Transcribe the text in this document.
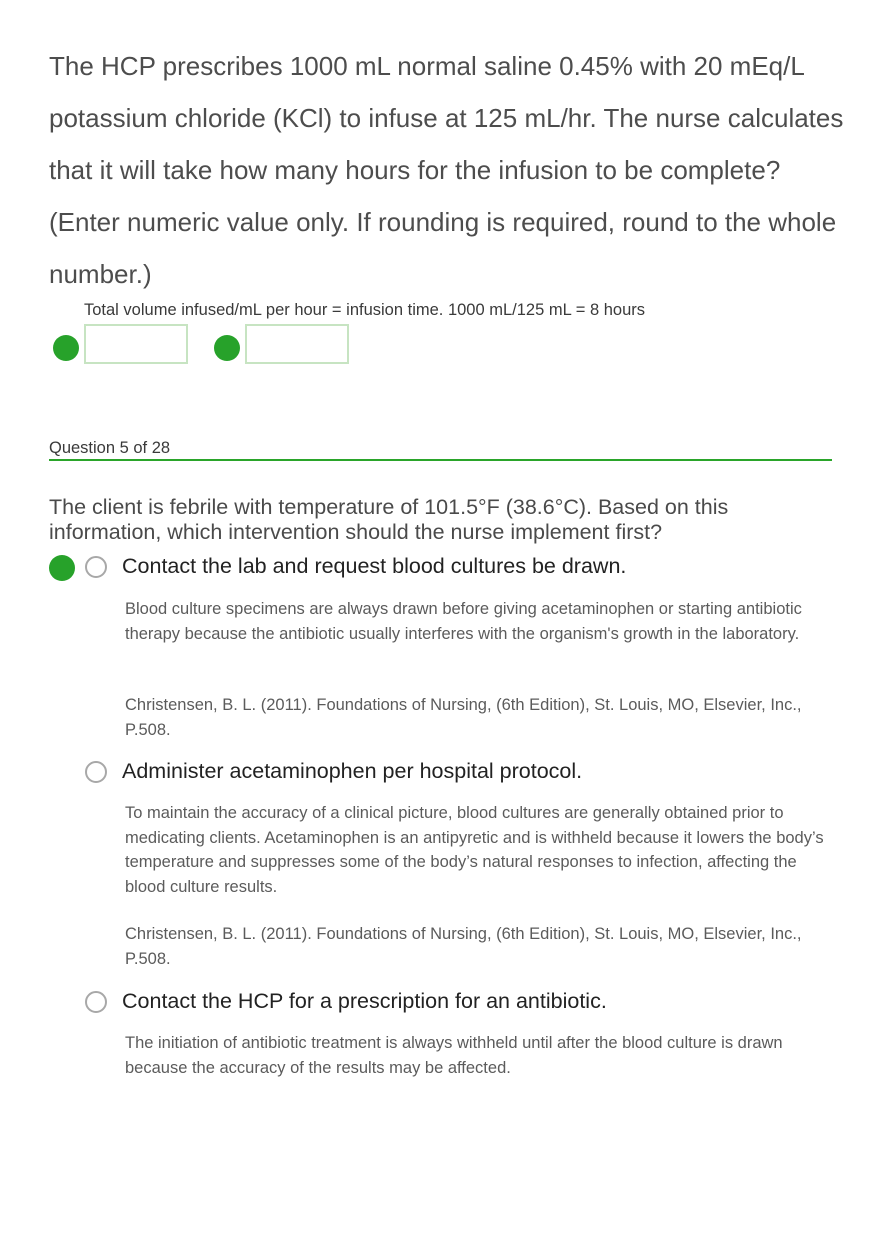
The HCP prescribes 1000 mL normal saline 0.45% with 20 mEq/L potassium chloride (KCl) to infuse at 125 mL/hr. The nurse calculates that it will take how many hours for the infusion to be complete? (Enter numeric value only. If rounding is required, round to the whole number.)

Total volume infused/mL per hour = infusion time. 1000 mL/125 mL = 8 hours

Question 5 of 28

The client is febrile with temperature of 101.5°F (38.6°C). Based on this information, which intervention should the nurse implement first?

Contact the lab and request blood cultures be drawn.

Blood culture specimens are always drawn before giving acetaminophen or starting antibiotic therapy because the antibiotic usually interferes with the organism's growth in the laboratory.

Christensen, B. L. (2011). Foundations of Nursing, (6th Edition), St. Louis, MO, Elsevier, Inc., P.508.

Administer acetaminophen per hospital protocol.

To maintain the accuracy of a clinical picture, blood cultures are generally obtained prior to medicating clients. Acetaminophen is an antipyretic and is withheld because it lowers the body’s temperature and suppresses some of the body’s natural responses to infection, affecting the blood culture results.

Christensen, B. L. (2011). Foundations of Nursing, (6th Edition), St. Louis, MO, Elsevier, Inc., P.508.

Contact the HCP for a prescription for an antibiotic.

The initiation of antibiotic treatment is always withheld until after the blood culture is drawn because the accuracy of the results may be affected.
